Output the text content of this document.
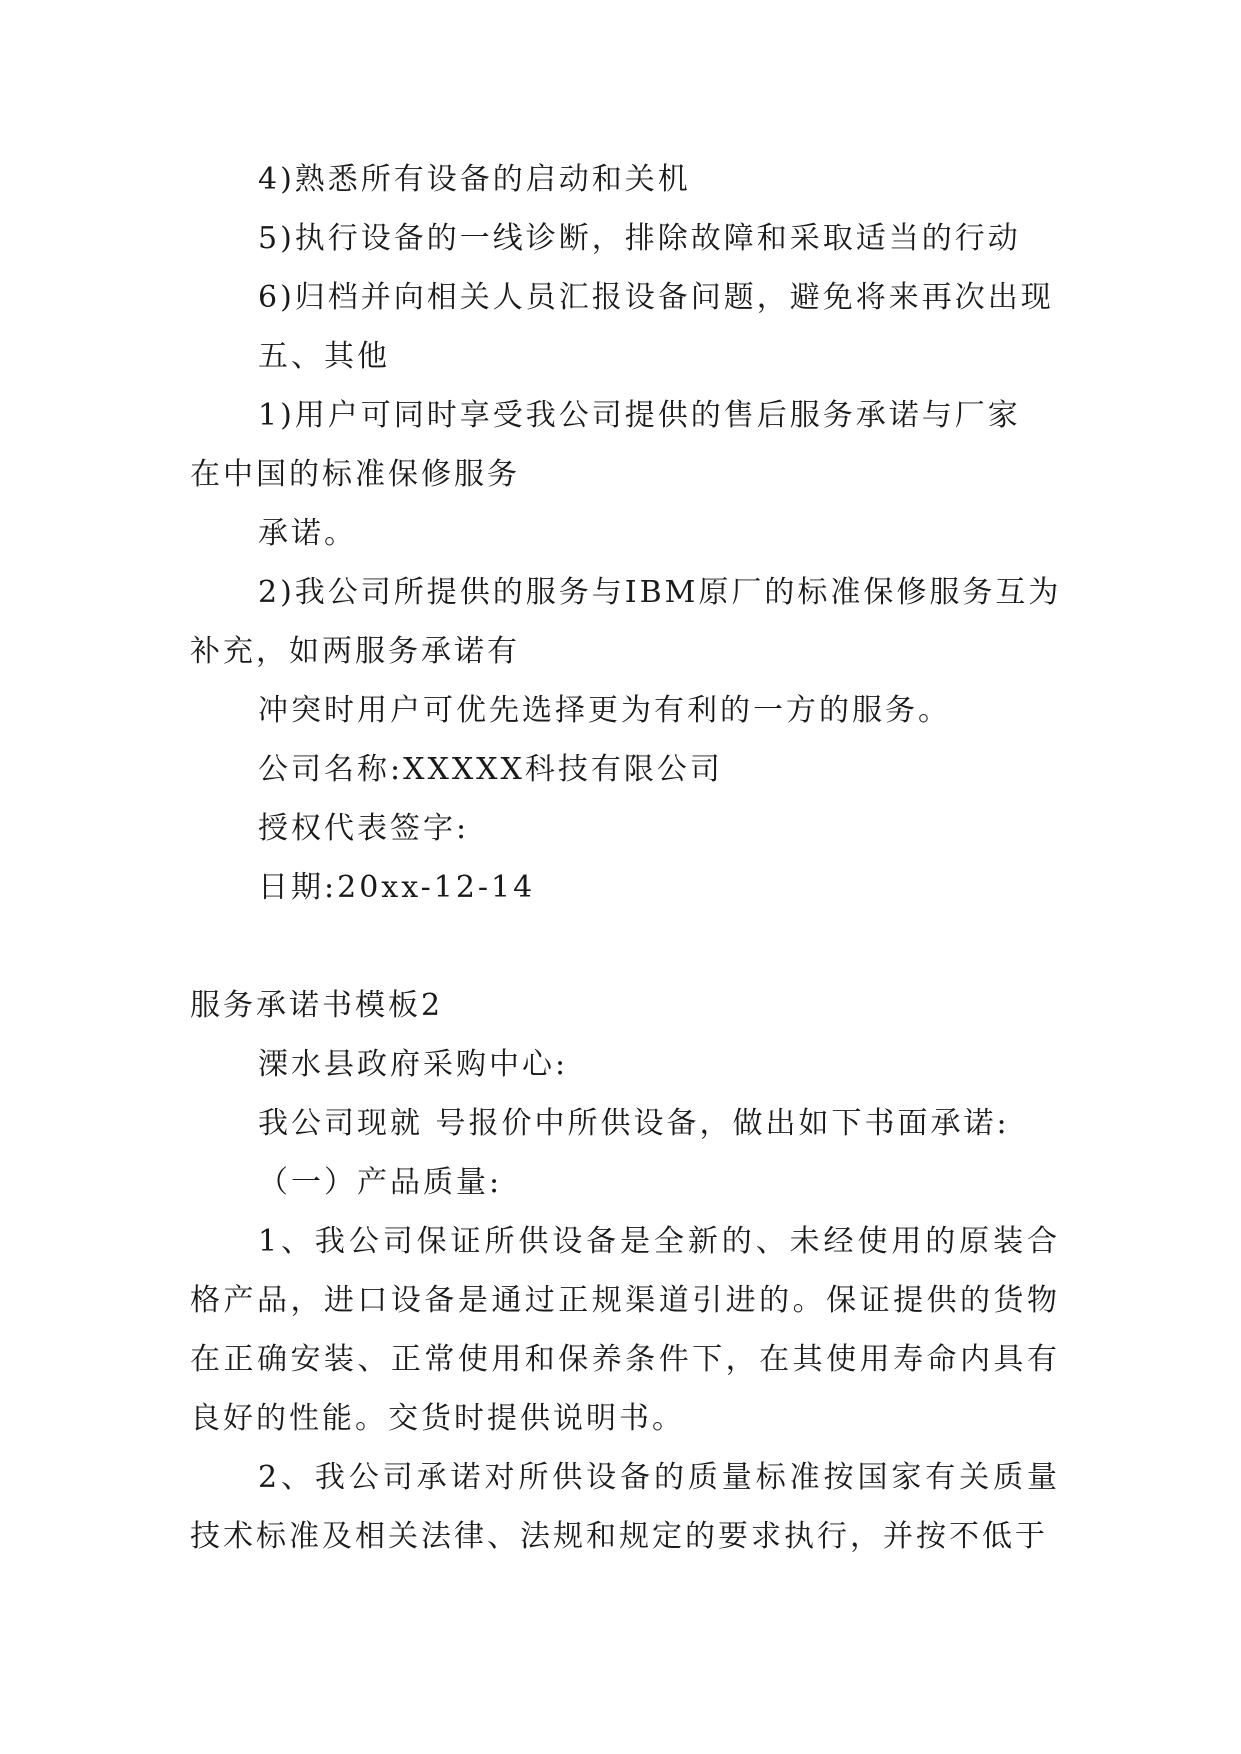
4)熟悉所有设备的启动和关机

5)执行设备的一线诊断，排除故障和采取适当的行动

6)归档并向相关人员汇报设备问题，避免将来再次出现

五、其他

1)用户可同时享受我公司提供的售后服务承诺与厂家

在中国的标准保修服务

承诺。

2)我公司所提供的服务与IBM原厂的标准保修服务互为

补充，如两服务承诺有

冲突时用户可优先选择更为有利的一方的服务。

公司名称:XXXXX科技有限公司

授权代表签字:

日期:20xx-12-14

服务承诺书模板2

溧水县政府采购中心:

我公司现就 号报价中所供设备，做出如下书面承诺:

（一）产品质量:

1、我公司保证所供设备是全新的、未经使用的原装合格产品，进口设备是通过正规渠道引进的。保证提供的货物在正确安装、正常使用和保养条件下，在其使用寿命内具有良好的性能。交货时提供说明书。

2、我公司承诺对所供设备的质量标准按国家有关质量技术标准及相关法律、法规和规定的要求执行，并按不低于
